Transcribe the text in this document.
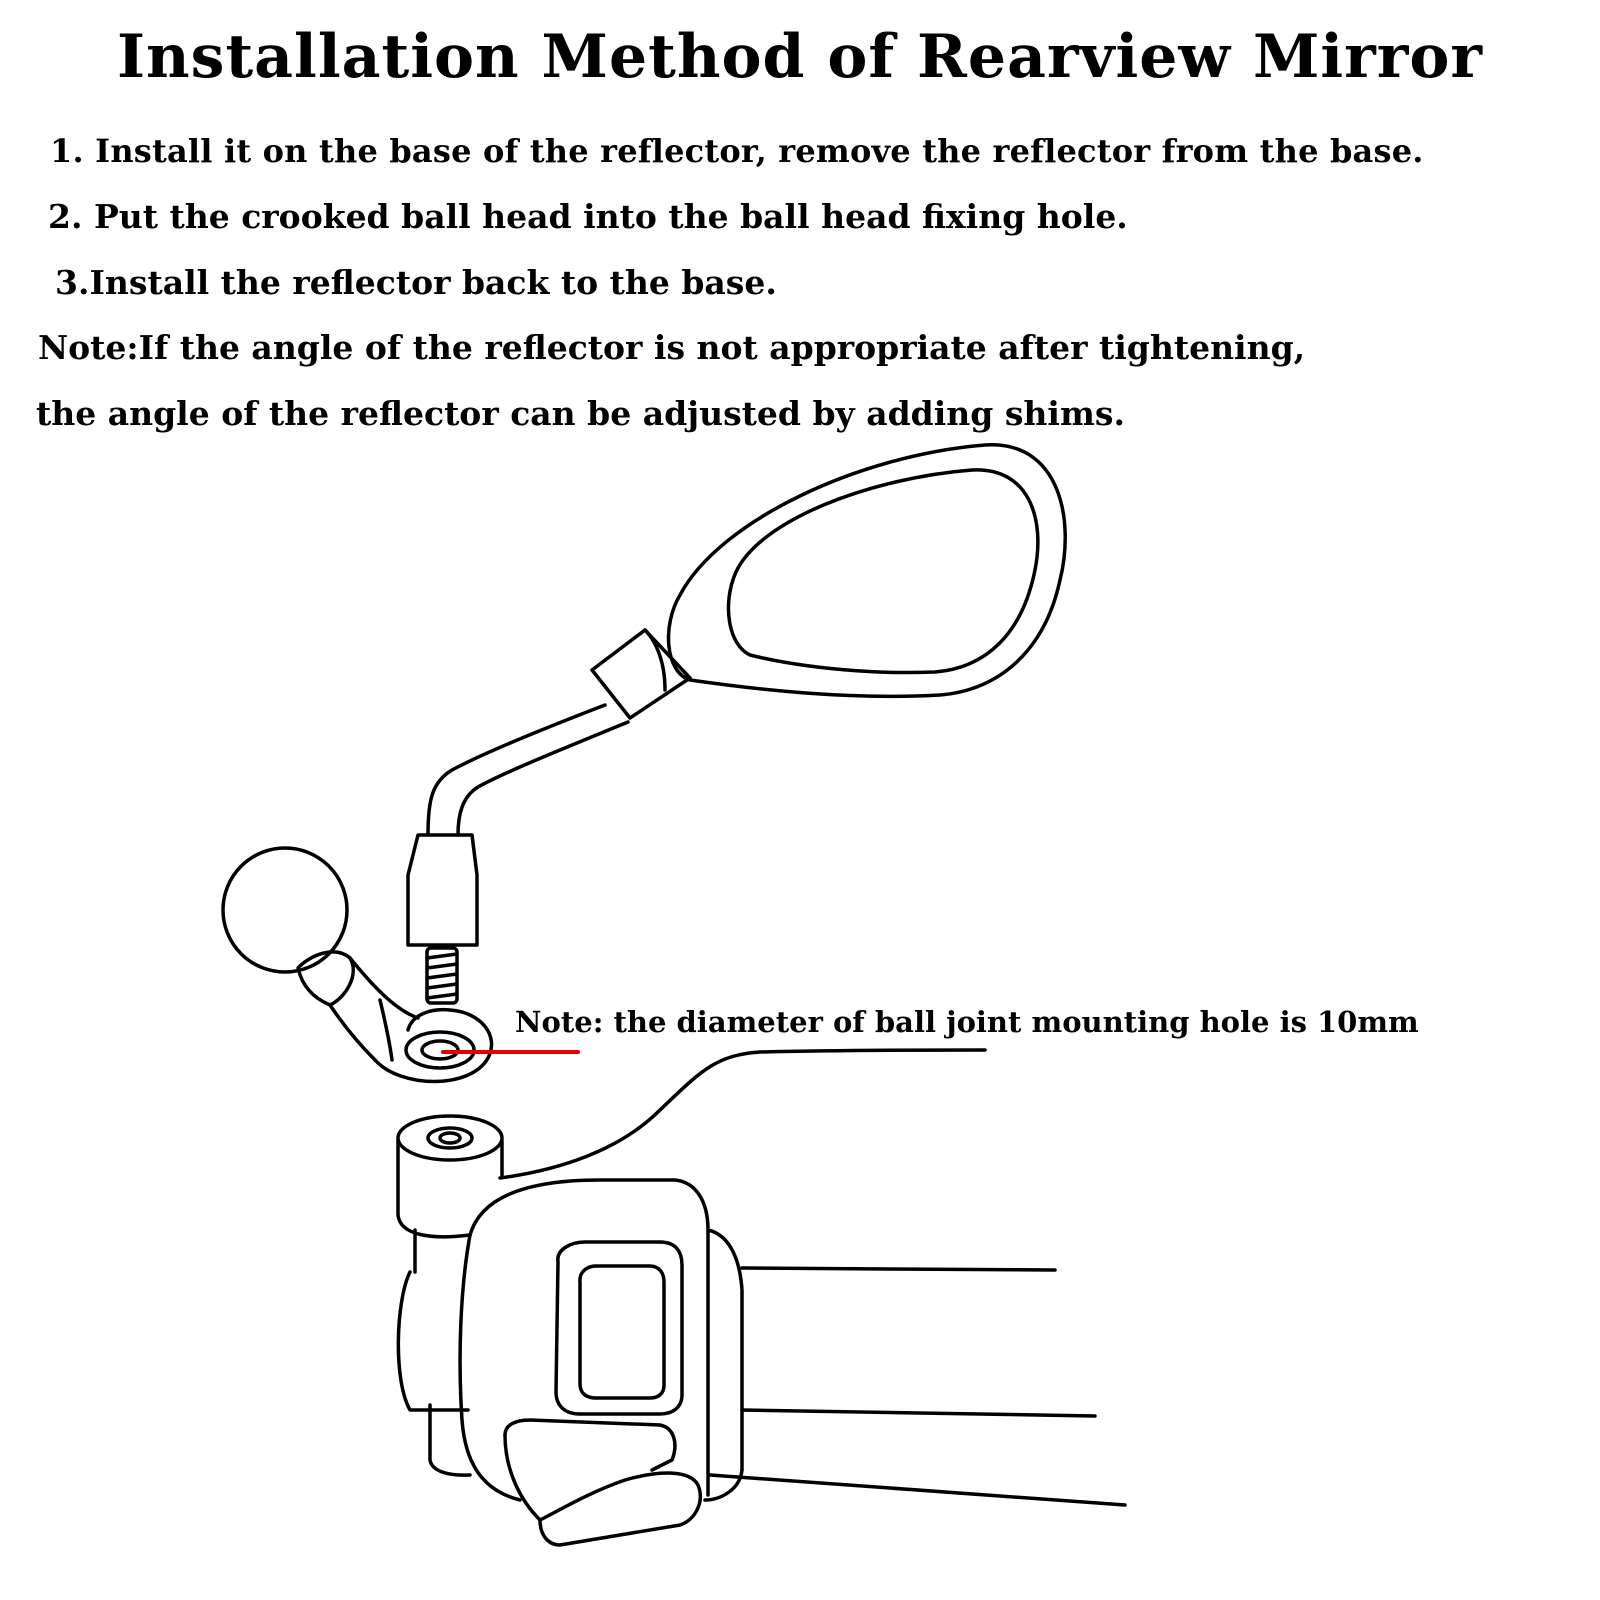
Installation Method of Rearview Mirror

1. Install it on the base of the reflector, remove the reflector from the base.

2. Put the crooked ball head into the ball head fixing hole.

3.Install the reflector back to the base.

Note:If the angle of the reflector is not appropriate after tightening,

the angle of the reflector can be adjusted by adding shims.

Note: the diameter of ball joint mounting hole is 10mm
